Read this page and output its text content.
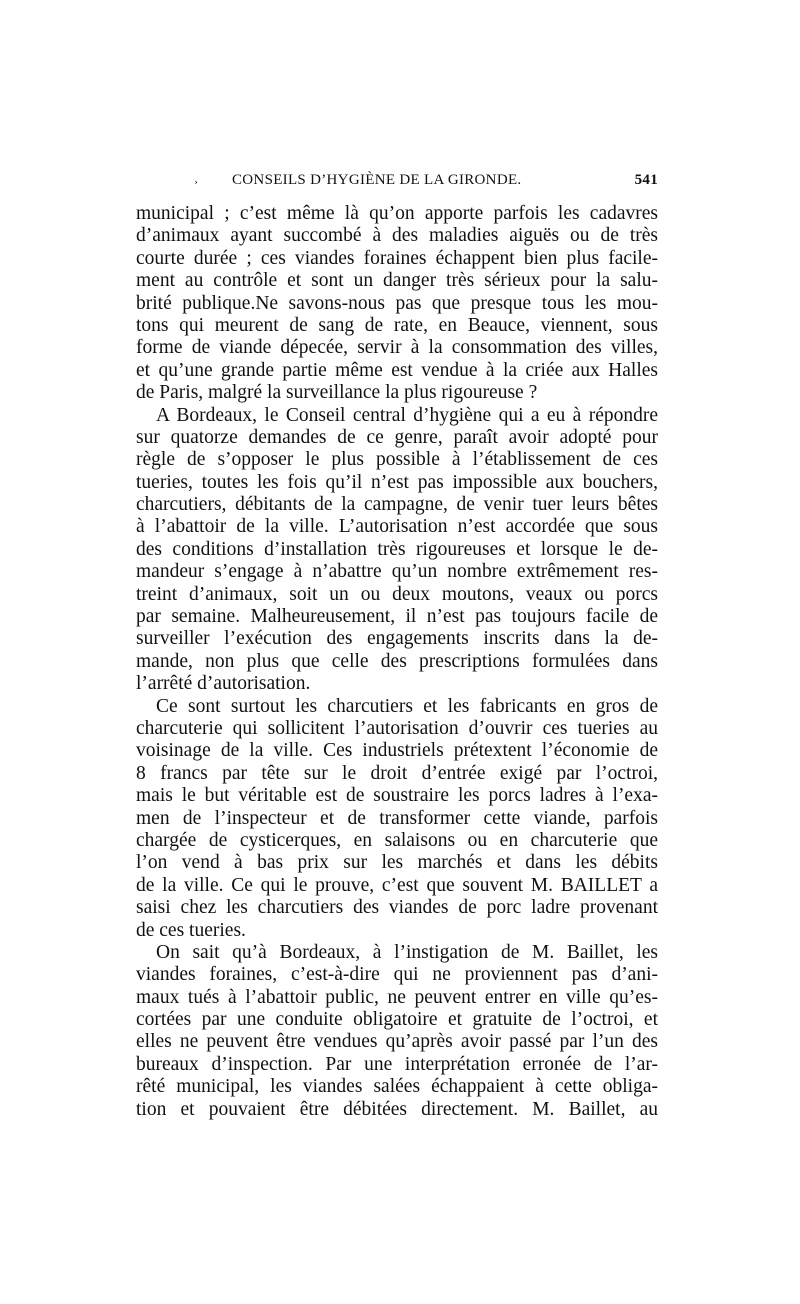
¸ CONSEILS D’HYGIÈNE DE LA GIRONDE.	541
municipal ; c’est même là qu’on apporte parfois les cadavres
d’animaux ayant succombé à des maladies aiguës ou de très
courte durée ; ces viandes foraines échappent bien plus facile-
ment au contrôle et sont un danger très sérieux pour la salu-
brité publique.Ne savons-nous pas que presque tous les mou-
tons qui meurent de sang de rate, en Beauce, viennent, sous
forme de viande dépecée, servir à la consommation des villes,
et qu’une grande partie même est vendue à la criée aux Halles
de Paris, malgré la surveillance la plus rigoureuse ?
A Bordeaux, le Conseil central d’hygiène qui a eu à répondre
sur quatorze demandes de ce genre, paraît avoir adopté pour
règle de s’opposer le plus possible à l’établissement de ces
tueries, toutes les fois qu’il n’est pas impossible aux bouchers,
charcutiers, débitants de la campagne, de venir tuer leurs bêtes
à l’abattoir de la ville. L’autorisation n’est accordée que sous
des conditions d’installation très rigoureuses et lorsque le de-
mandeur s’engage à n’abattre qu’un nombre extrêmement res-
treint d’animaux, soit un ou deux moutons, veaux ou porcs
par semaine. Malheureusement, il n’est pas toujours facile de
surveiller l’exécution des engagements inscrits dans la de-
mande, non plus que celle des prescriptions formulées dans
l’arrêté d’autorisation.
Ce sont surtout les charcutiers et les fabricants en gros de
charcuterie qui sollicitent l’autorisation d’ouvrir ces tueries au
voisinage de la ville. Ces industriels prétextent l’économie de
8 francs par tête sur le droit d’entrée exigé par l’octroi,
mais le but véritable est de soustraire les porcs ladres à l’exa-
men de l’inspecteur et de transformer cette viande, parfois
chargée de cysticerques, en salaisons ou en charcuterie que
l’on vend à bas prix sur les marchés et dans les débits
de la ville. Ce qui le prouve, c’est que souvent M. BAILLET a
saisi chez les charcutiers des viandes de porc ladre provenant
de ces tueries.
On sait qu’à Bordeaux, à l’instigation de M. Baillet, les
viandes foraines, c’est-à-dire qui ne proviennent pas d’ani-
maux tués à l’abattoir public, ne peuvent entrer en ville qu’es-
cortées par une conduite obligatoire et gratuite de l’octroi, et
elles ne peuvent être vendues qu’après avoir passé par l’un des
bureaux d’inspection. Par une interprétation erronée de l’ar-
rêté municipal, les viandes salées échappaient à cette obliga-
tion et pouvaient être débitées directement. M. Baillet, au
